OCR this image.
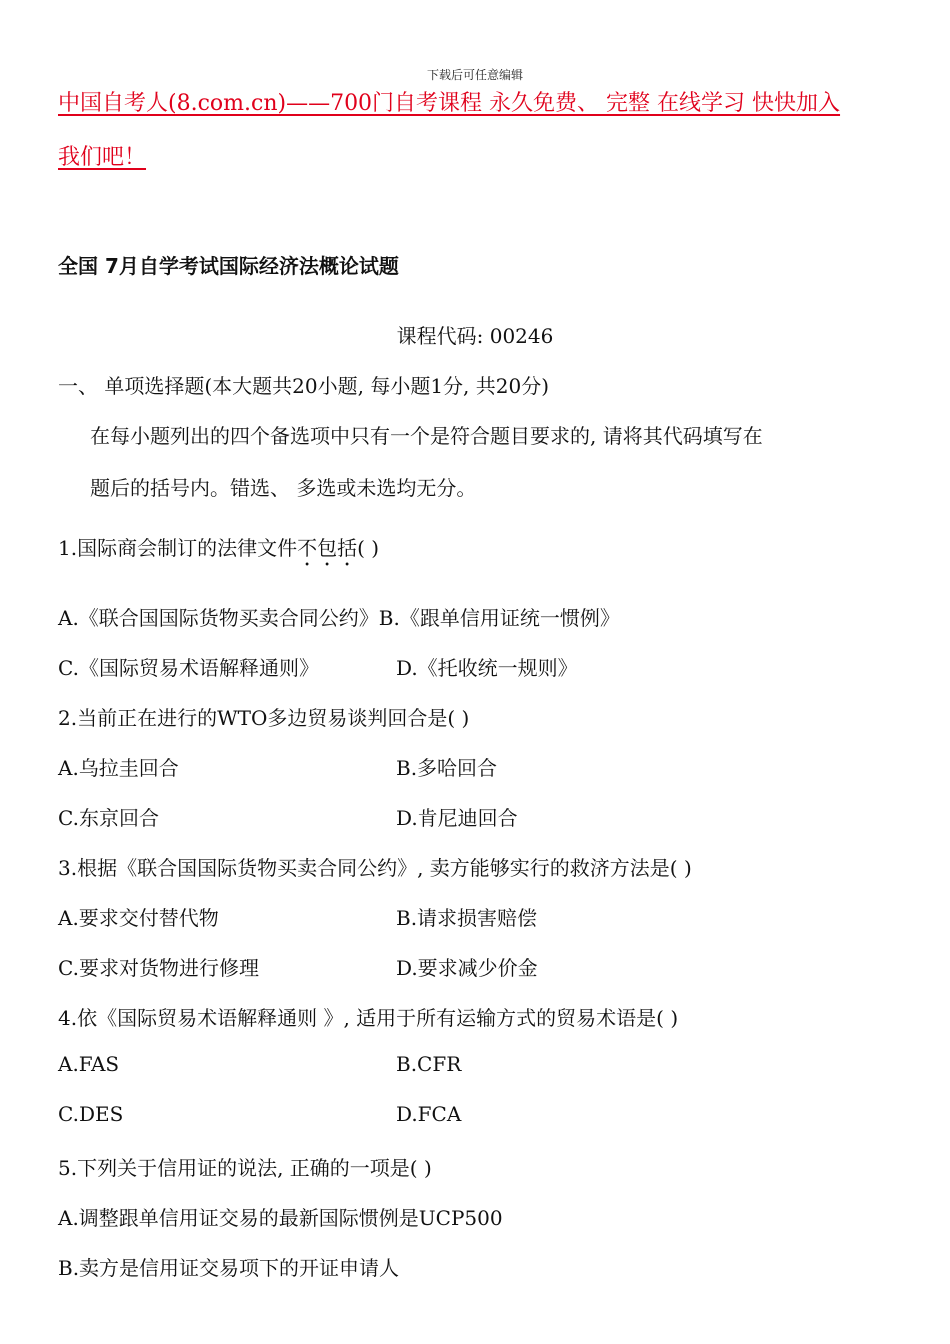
下载后可任意编辑
中国自考人(8.com.cn)——700门自考课程 永久免费、 完整 在线学习 快快加入
我们吧！
全国 7月自学考试国际经济法概论试题
课程代码: 00246
一、 单项选择题(本大题共20小题, 每小题1分, 共20分)
在每小题列出的四个备选项中只有一个是符合题目要求的, 请将其代码填写在
题后的括号内。错选、 多选或未选均无分。
1.国际商会制订的法律文件不包括( )
A.《联合国国际货物买卖合同公约》B.《跟单信用证统一惯例》
C.《国际贸易术语解释通则》	D.《托收统一规则》
2.当前正在进行的WTO多边贸易谈判回合是( )
A.乌拉圭回合	B.多哈回合
C.东京回合	D.肯尼迪回合
3.根据《联合国国际货物买卖合同公约》, 卖方能够实行的救济方法是( )
A.要求交付替代物	B.请求损害赔偿
C.要求对货物进行修理	D.要求减少价金
4.依《国际贸易术语解释通则 》, 适用于所有运输方式的贸易术语是( )
A.FAS	B.CFR
C.DES	D.FCA
5.下列关于信用证的说法, 正确的一项是( )
A.调整跟单信用证交易的最新国际惯例是UCP500
B.卖方是信用证交易项下的开证申请人
